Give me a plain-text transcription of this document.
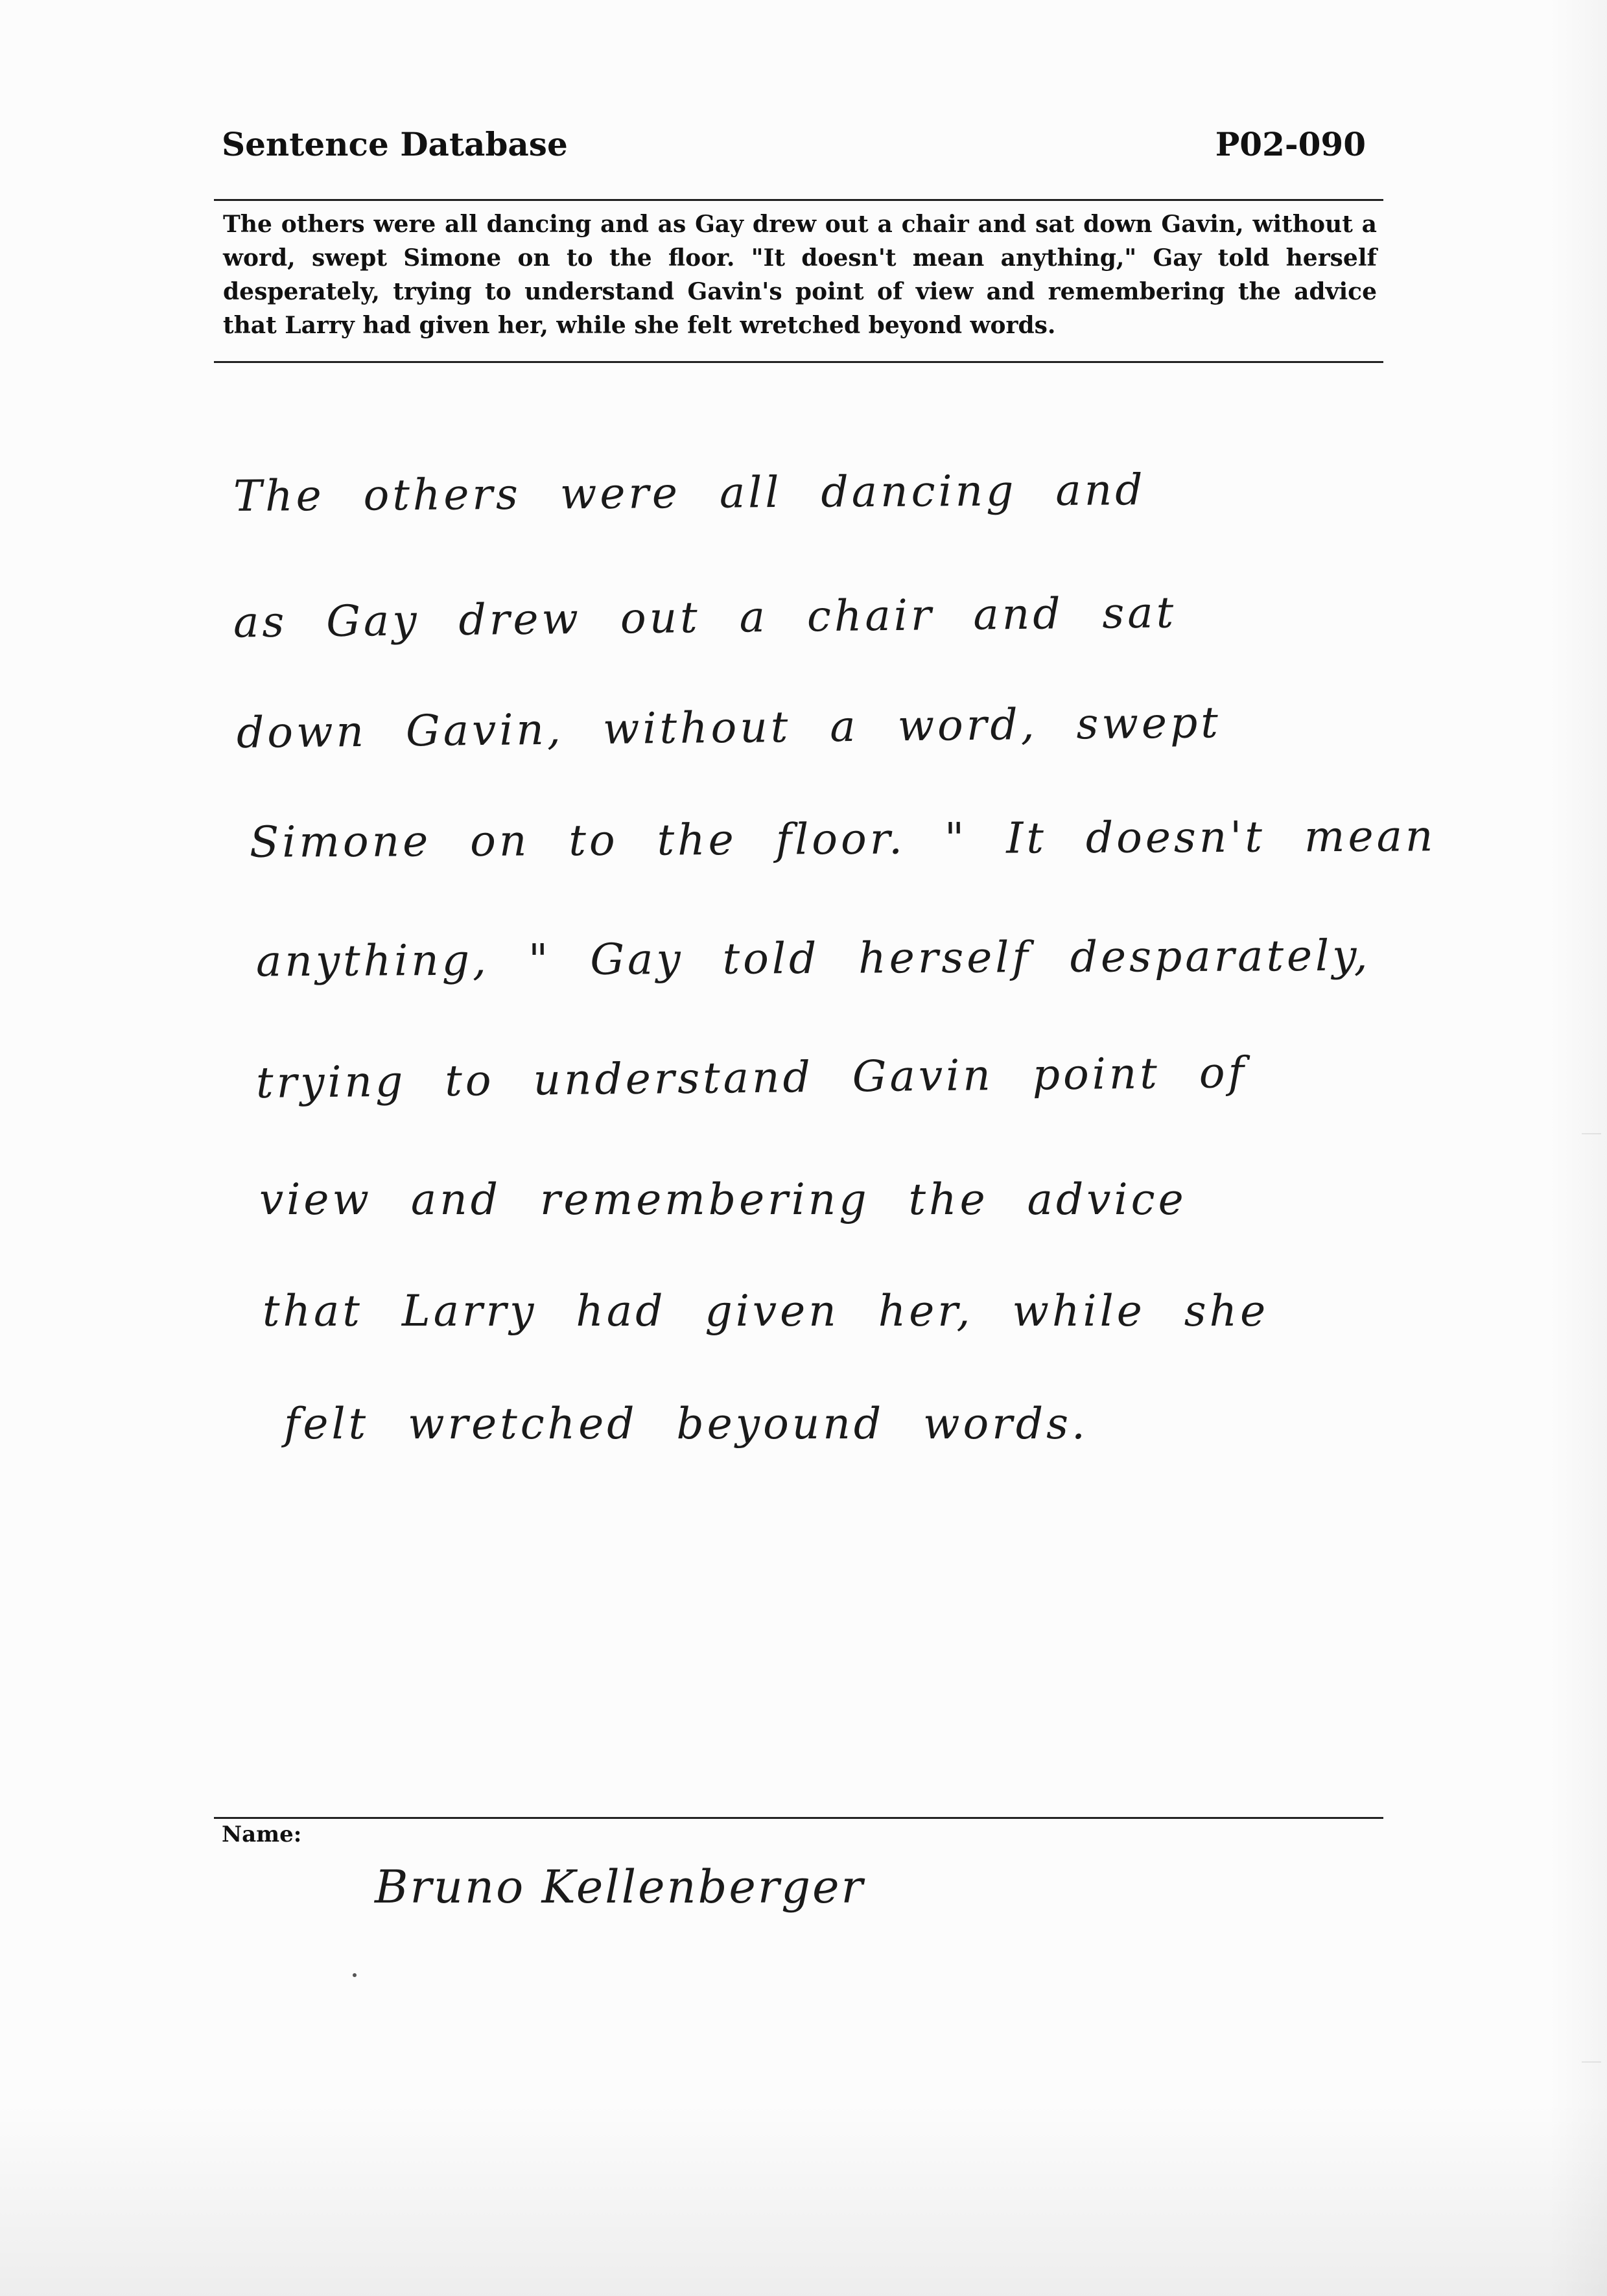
Sentence Database	P02-090
The others were all dancing and as Gay drew out a chair and sat down Gavin, without a word, swept Simone on to the floor. "It doesn't mean anything," Gay told herself desperately, trying to understand Gavin's point of view and remembering the advice that Larry had given her, while she felt wretched beyond words.
The others were all dancing and
as Gay drew out a chair and sat
down Gavin, without a word, swept
Simone on to the floor. " It doesn't mean
anything, " Gay told herself desparately,
trying to understand Gavin point of
view and remembering the advice
that Larry had given her, while she
felt wretched beyound words.
Name:
Bruno Kellenberger
